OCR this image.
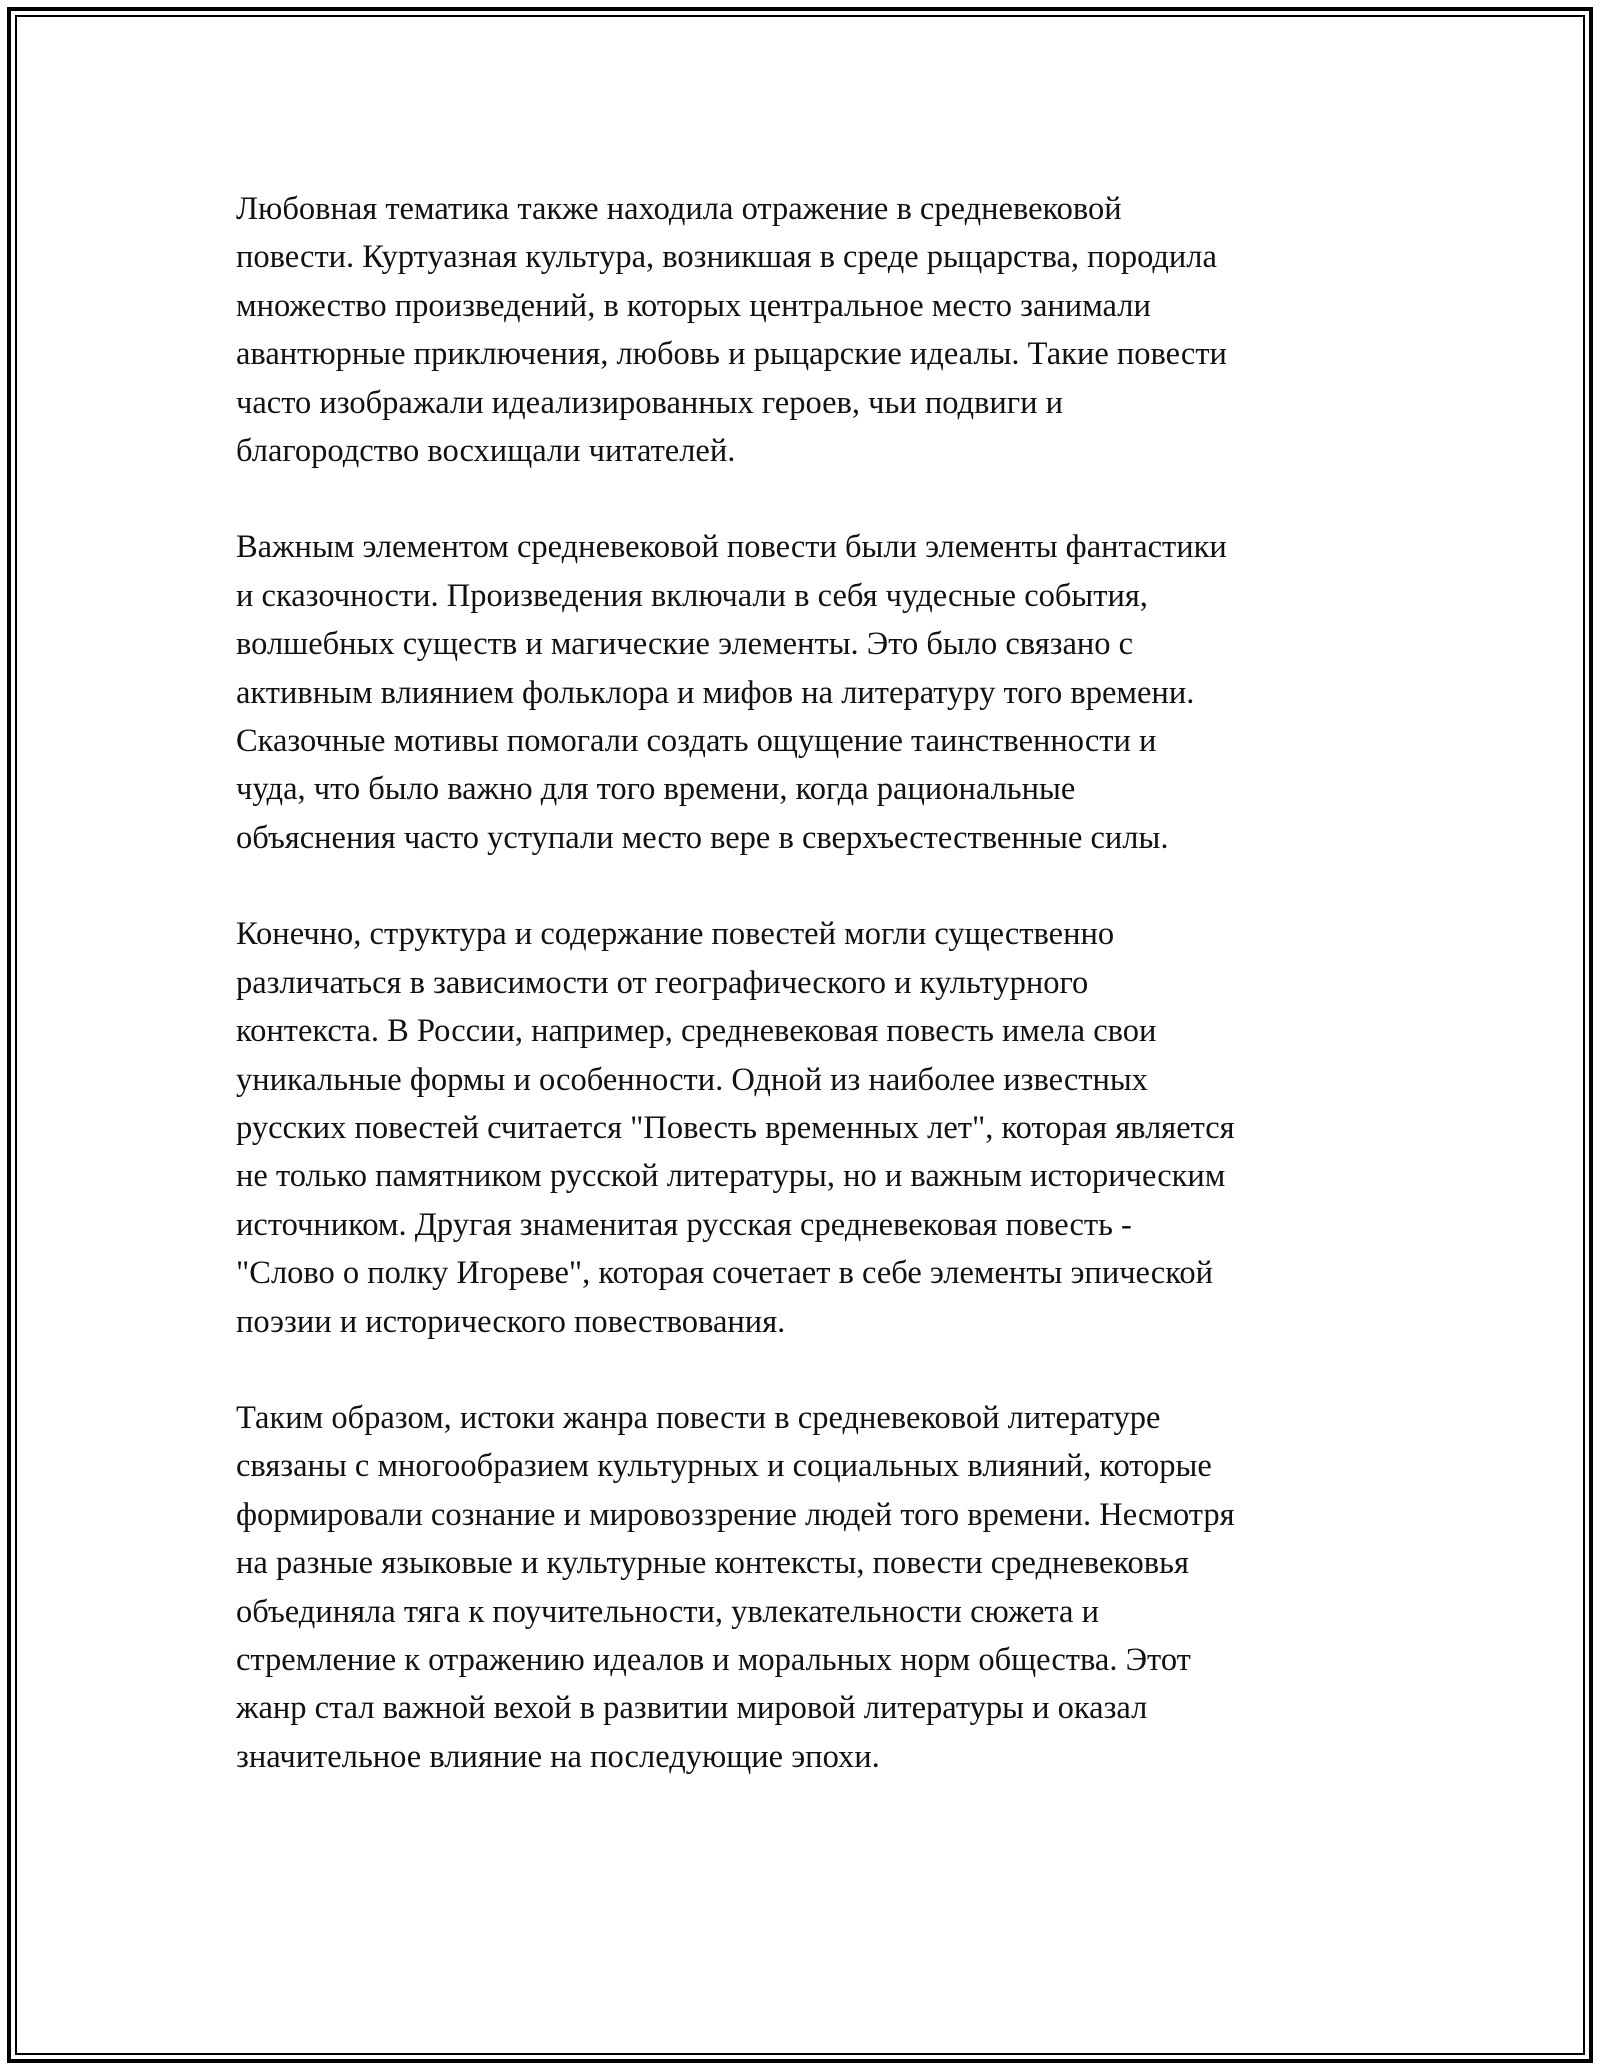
Любовная тематика также находила отражение в средневековой
повести. Куртуазная культура, возникшая в среде рыцарства, породила
множество произведений, в которых центральное место занимали
авантюрные приключения, любовь и рыцарские идеалы. Такие повести
часто изображали идеализированных героев, чьи подвиги и
благородство восхищали читателей.

Важным элементом средневековой повести были элементы фантастики
и сказочности. Произведения включали в себя чудесные события,
волшебных существ и магические элементы. Это было связано с
активным влиянием фольклора и мифов на литературу того времени.
Сказочные мотивы помогали создать ощущение таинственности и
чуда, что было важно для того времени, когда рациональные
объяснения часто уступали место вере в сверхъестественные силы.

Конечно, структура и содержание повестей могли существенно
различаться в зависимости от географического и культурного
контекста. В России, например, средневековая повесть имела свои
уникальные формы и особенности. Одной из наиболее известных
русских повестей считается "Повесть временных лет", которая является
не только памятником русской литературы, но и важным историческим
источником. Другая знаменитая русская средневековая повесть -
"Слово о полку Игореве", которая сочетает в себе элементы эпической
поэзии и исторического повествования.

Таким образом, истоки жанра повести в средневековой литературе
связаны с многообразием культурных и социальных влияний, которые
формировали сознание и мировоззрение людей того времени. Несмотря
на разные языковые и культурные контексты, повести средневековья
объединяла тяга к поучительности, увлекательности сюжета и
стремление к отражению идеалов и моральных норм общества. Этот
жанр стал важной вехой в развитии мировой литературы и оказал
значительное влияние на последующие эпохи.
